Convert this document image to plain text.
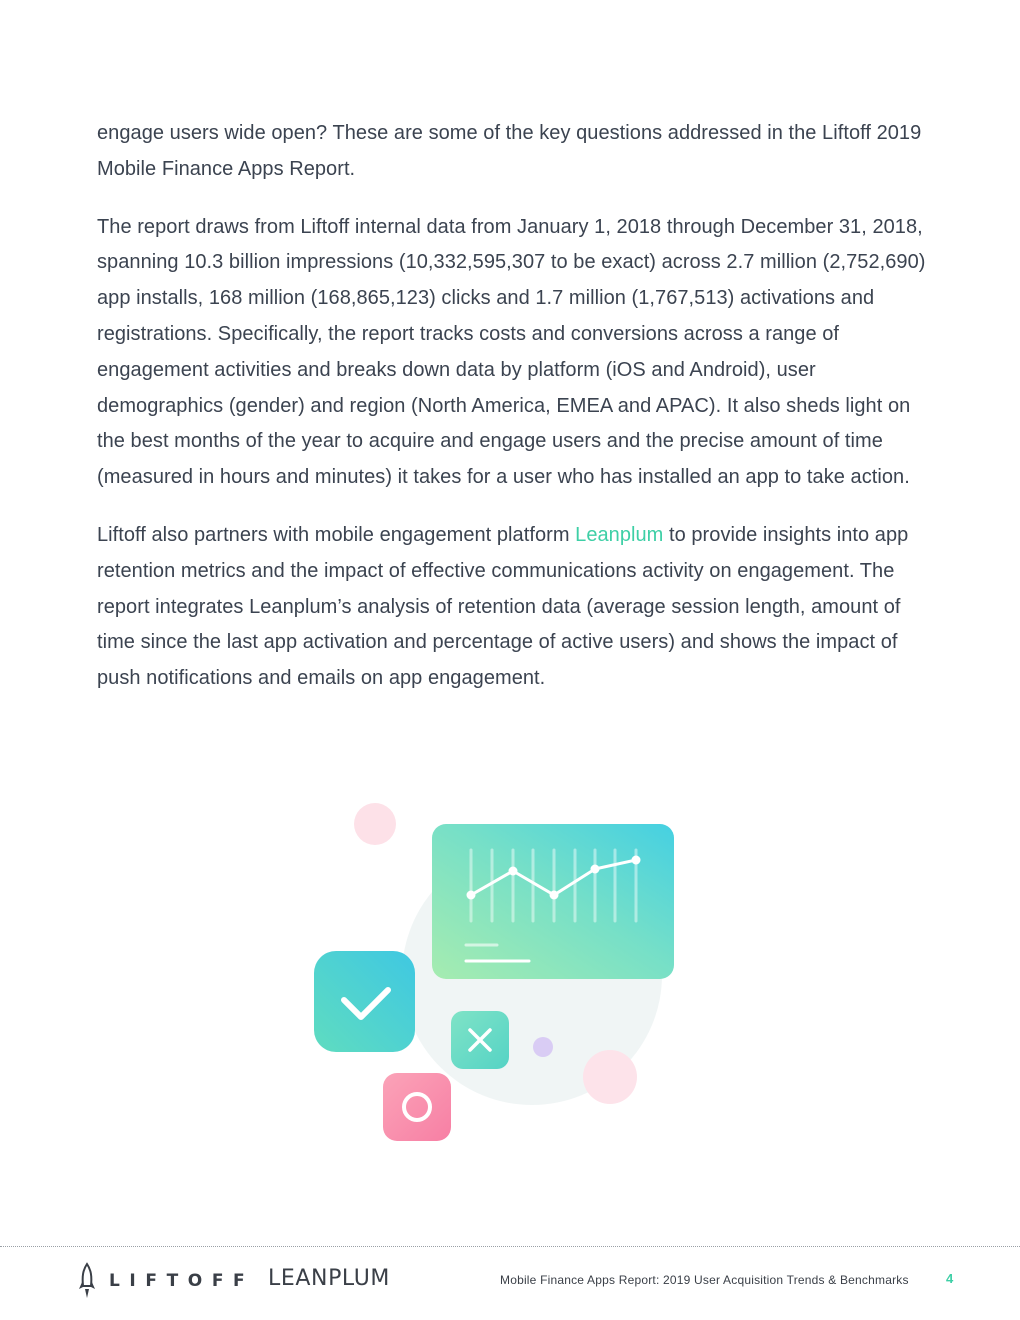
engage users wide open? These are some of the key questions addressed in the Liftoff 2019 Mobile Finance Apps Report.

The report draws from Liftoff internal data from January 1, 2018 through December 31, 2018, spanning 10.3 billion impressions (10,332,595,307 to be exact) across 2.7 million (2,752,690) app installs, 168 million (168,865,123) clicks and 1.7 million (1,767,513) activations and registrations. Specifically, the report tracks costs and conversions across a range of engagement activities and breaks down data by platform (iOS and Android), user demographics (gender) and region (North America, EMEA and APAC). It also sheds light on the best months of the year to acquire and engage users and the precise amount of time (measured in hours and minutes) it takes for a user who has installed an app to take action.

Liftoff also partners with mobile engagement platform Leanplum to provide insights into app retention metrics and the impact of effective communications activity on engagement. The report integrates Leanplum’s analysis of retention data (average session length, amount of time since the last app activation and percentage of active users) and shows the impact of push notifications and emails on app engagement.

LIFTOFF LEANPLUM	Mobile Finance Apps Report: 2019 User Acquisition Trends & Benchmarks	4
